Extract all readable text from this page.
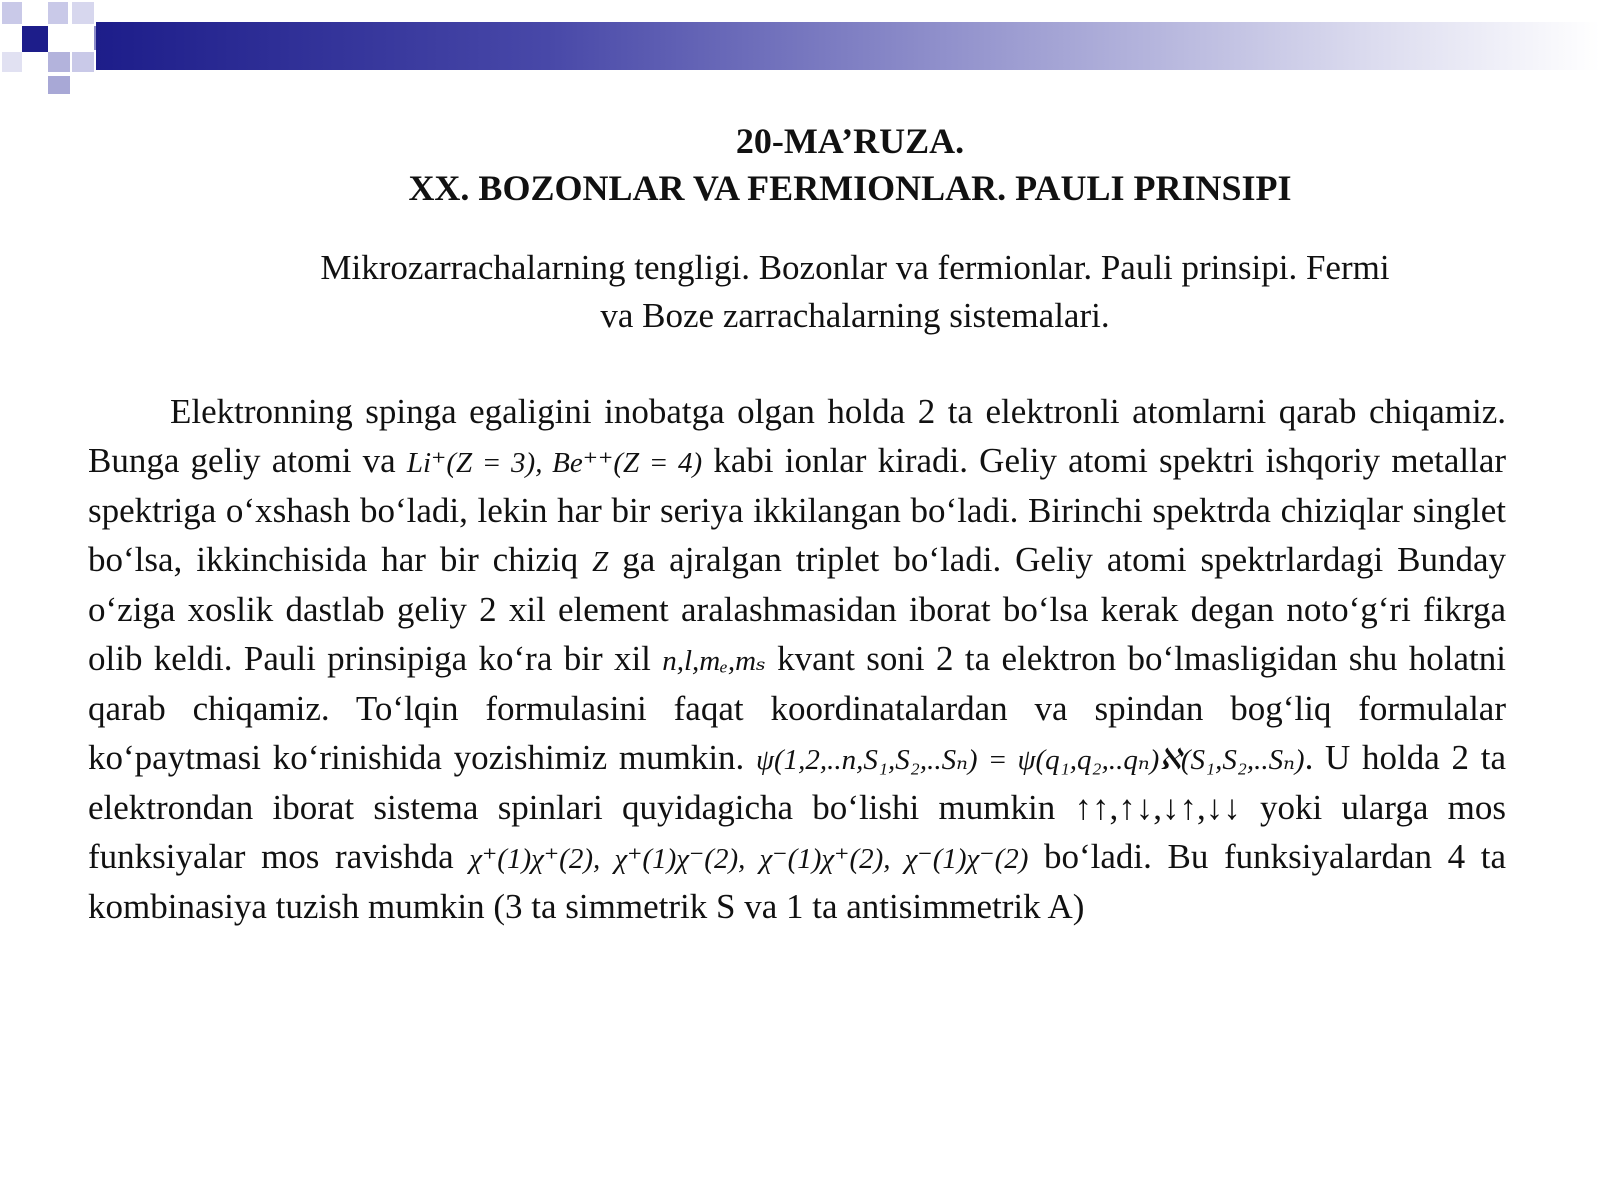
20-MA’RUZA.
XX. BOZONLAR VA FERMIONLAR. PAULI PRINSIPI
Mikrozarrachalarning tengligi. Bozonlar va fermionlar. Pauli prinsipi. Fermi
va Boze zarrachalarning sistemalari.

Elektronning spinga egaligini inobatga olgan holda 2 ta elektronli atomlarni qarab chiqamiz. Bunga geliy atomi va Li⁺(Z = 3), Be⁺⁺(Z = 4) kabi ionlar kiradi. Geliy atomi spektri ishqoriy metallar spektriga o‘xshash bo‘ladi, lekin har bir seriya ikkilangan bo‘ladi. Birinchi spektrda chiziqlar singlet bo‘lsa, ikkinchisida har bir chiziq Z ga ajralgan triplet bo‘ladi. Geliy atomi spektrlardagi Bunday o‘ziga xoslik dastlab geliy 2 xil element aralashmasidan iborat bo‘lsa kerak degan noto‘g‘ri fikrga olib keldi. Pauli prinsipiga ko‘ra bir xil n,l,mₑ,mₛ kvant soni 2 ta elektron bo‘lmasligidan shu holatni qarab chiqamiz. To‘lqin formulasini faqat koordinatalardan va spindan bog‘liq formulalar ko‘paytmasi ko‘rinishida yozishimiz mumkin. ψ(1,2,..n,S₁,S₂,..Sₙ) = ψ(q₁,q₂,..qₙ)ℵ(S₁,S₂,..Sₙ). U holda 2 ta elektrondan iborat sistema spinlari quyidagicha bo‘lishi mumkin ↑↑,↑↓,↓↑,↓↓ yoki ularga mos funksiyalar mos ravishda χ⁺(1)χ⁺(2), χ⁺(1)χ⁻(2), χ⁻(1)χ⁺(2), χ⁻(1)χ⁻(2) bo‘ladi. Bu funksiyalardan 4 ta kombinasiya tuzish mumkin (3 ta simmetrik S va 1 ta antisimmetrik A)
